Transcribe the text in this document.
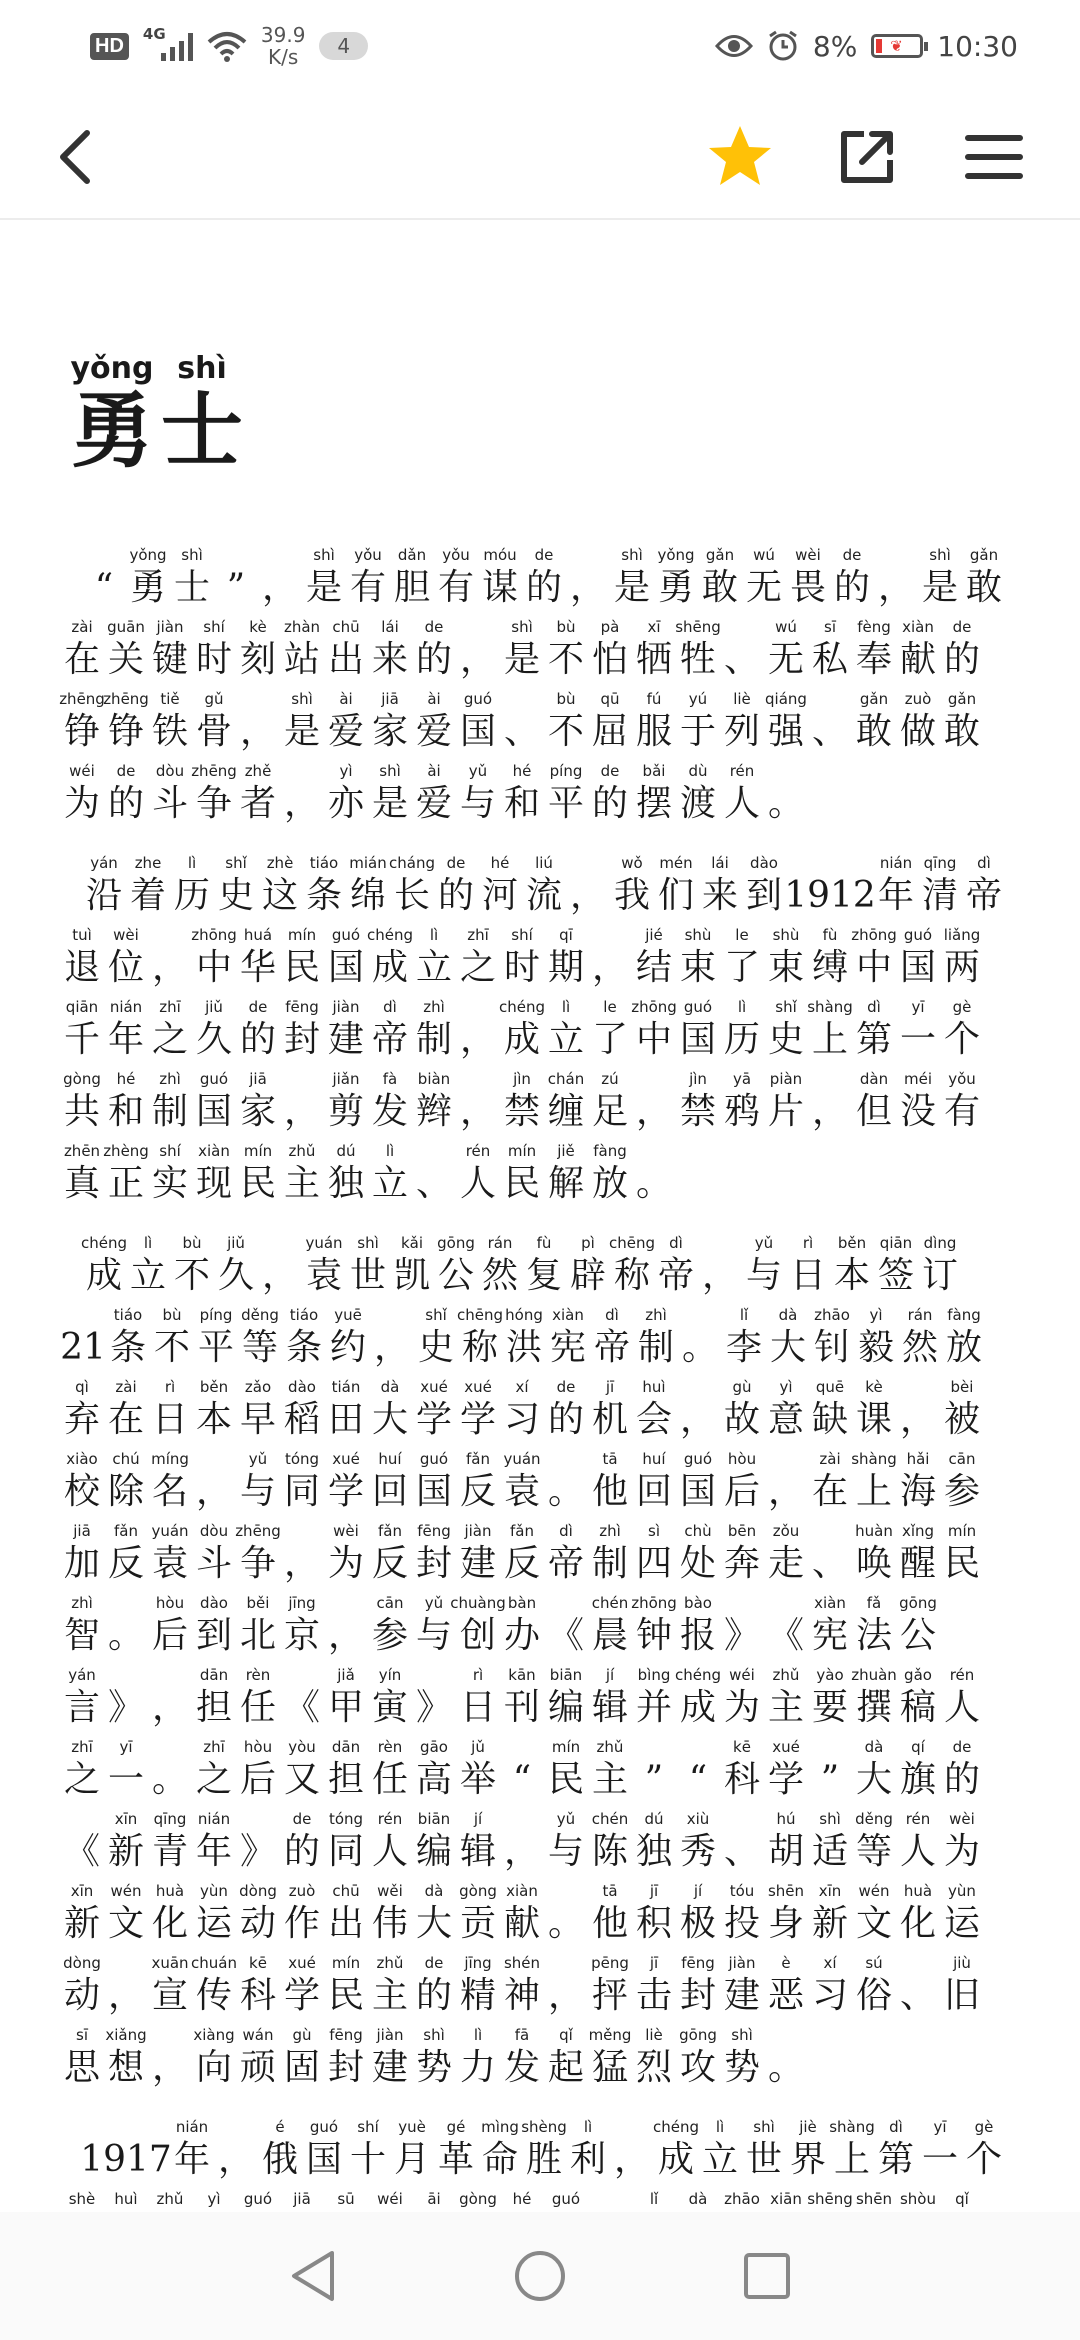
HD
4G	39.9
K/s	4	8% ❦ 10:30
yǒng
勇
shì
士
“
yǒng
勇
shì
士 ” ，
shì
是
yǒu
有
dǎn
胆
yǒu
有
móu
谋
de
的 ，
shì
是
yǒng
勇
gǎn
敢
wú
无
wèi
畏
de
的 ，
shì
是
gǎn
敢
zài
在
guān
关
jiàn
键
shí
时
kè
刻
zhàn
站
chū
出
lái
来
de
的 ，
shì
是
bù
不
pà
怕
xī
牺
shēng
牲 、
wú
无
sī
私
fèng
奉
xiàn
献
de
的
zhēng
铮
zhēng
铮
tiě
铁
gǔ
骨 ，
shì
是
ài
爱
jiā
家
ài
爱
guó
国 、
bù
不
qū
屈
fú
服
yú
于
liè
列
qiáng
强 、
gǎn
敢
zuò
做
gǎn
敢
wéi
为
de
的
dòu
斗
zhēng
争
zhě
者 ，
yì
亦
shì
是
ài
爱
yǔ
与
hé
和
píng
平
de
的
bǎi
摆
dù
渡
rén
人 。
yán
沿
zhe
着
lì
历
shǐ
史
zhè
这
tiáo
条
mián
绵
cháng
长
de
的
hé
河
liú
流 ，
wǒ
我
mén
们
lái
来
dào
到 1912
nián
年
qīng
清
dì
帝
tuì
退
wèi
位 ，
zhōng
中
huá
华
mín
民
guó
国
chéng
成
lì
立
zhī
之
shí
时
qī
期 ，
jié
结
shù
束
le
了
shù
束
fù
缚
zhōng
中
guó
国
liǎng
两
qiān
千
nián
年
zhī
之
jiǔ
久
de
的
fēng
封
jiàn
建
dì
帝
zhì
制 ，
chéng
成
lì
立
le
了
zhōng
中
guó
国
lì
历
shǐ
史
shàng
上
dì
第
yī
一
gè
个
gòng
共
hé
和
zhì
制
guó
国
jiā
家 ，
jiǎn
剪
fà
发
biàn
辫 ，
jìn
禁
chán
缠
zú
足 ，
jìn
禁
yā
鸦
piàn
片 ，
dàn
但
méi
没
yǒu
有
zhēn
真
zhèng
正
shí
实
xiàn
现
mín
民
zhǔ
主
dú
独
lì
立 、
rén
人
mín
民
jiě
解
fàng
放 。
chéng
成
lì
立
bù
不
jiǔ
久 ，
yuán
袁
shì
世
kǎi
凯
gōng
公
rán
然
fù
复
pì
辟
chēng
称
dì
帝 ，
yǔ
与
rì
日
běn
本
qiān
签
dìng
订
21
tiáo
条
bù
不
píng
平
děng
等
tiáo
条
yuē
约 ，
shǐ
史
chēng
称
hóng
洪
xiàn
宪
dì
帝
zhì
制 。
lǐ
李
dà
大
zhāo
钊
yì
毅
rán
然
fàng
放
qì
弃
zài
在
rì
日
běn
本
zǎo
早
dào
稻
tián
田
dà
大
xué
学
xué
学
xí
习
de
的
jī
机
huì
会 ，
gù
故
yì
意
quē
缺
kè
课 ，
bèi
被
xiào
校
chú
除
míng
名 ，
yǔ
与
tóng
同
xué
学
huí
回
guó
国
fǎn
反
yuán
袁 。
tā
他
huí
回
guó
国
hòu
后 ，
zài
在
shàng
上
hǎi
海
cān
参
jiā
加
fǎn
反
yuán
袁
dòu
斗
zhēng
争 ，
wèi
为
fǎn
反
fēng
封
jiàn
建
fǎn
反
dì
帝
zhì
制
sì
四
chù
处
bēn
奔
zǒu
走 、
huàn
唤
xǐng
醒
mín
民
zhì
智 。
hòu
后
dào
到
běi
北
jīng
京 ，
cān
参
yǔ
与
chuàng
创
bàn
办 《
chén
晨
zhōng
钟
bào
报 》 《
xiàn
宪
fǎ
法
gōng
公
yán
言 》 ，
dān
担
rèn
任 《
jiǎ
甲
yín
寅 》
rì
日
kān
刊
biān
编
jí
辑
bìng
并
chéng
成
wéi
为
zhǔ
主
yào
要
zhuàn
撰
gǎo
稿
rén
人
zhī
之
yī
一 。
zhī
之
hòu
后
yòu
又
dān
担
rèn
任
gāo
高
jǔ
举 “
mín
民
zhǔ
主 ” “
kē
科
xué
学 ”
dà
大
qí
旗
de
的
《
xīn
新
qīng
青
nián
年 》
de
的
tóng
同
rén
人
biān
编
jí
辑 ，
yǔ
与
chén
陈
dú
独
xiù
秀 、
hú
胡
shì
适
děng
等
rén
人
wèi
为
xīn
新
wén
文
huà
化
yùn
运
dòng
动
zuò
作
chū
出
wěi
伟
dà
大
gòng
贡
xiàn
献 。
tā
他
jī
积
jí
极
tóu
投
shēn
身
xīn
新
wén
文
huà
化
yùn
运
dòng
动 ，
xuān
宣
chuán
传
kē
科
xué
学
mín
民
zhǔ
主
de
的
jīng
精
shén
神 ，
pēng
抨
jī
击
fēng
封
jiàn
建
è
恶
xí
习
sú
俗 、
jiù
旧
sī
思
xiǎng
想 ，
xiàng
向
wán
顽
gù
固
fēng
封
jiàn
建
shì
势
lì
力
fā
发
qǐ
起
měng
猛
liè
烈
gōng
攻
shì
势 。
1917
nián
年 ，
é
俄
guó
国
shí
十
yuè
月
gé
革
mìng
命
shèng
胜
lì
利 ，
chéng
成
lì
立
shì
世
jiè
界
shàng
上
dì
第
yī
一
gè
个
shè huì zhǔ yì guó jiā sū wéi āi gòng hé guó	lǐ dà zhāo xiān shēng shēn shòu qǐ
